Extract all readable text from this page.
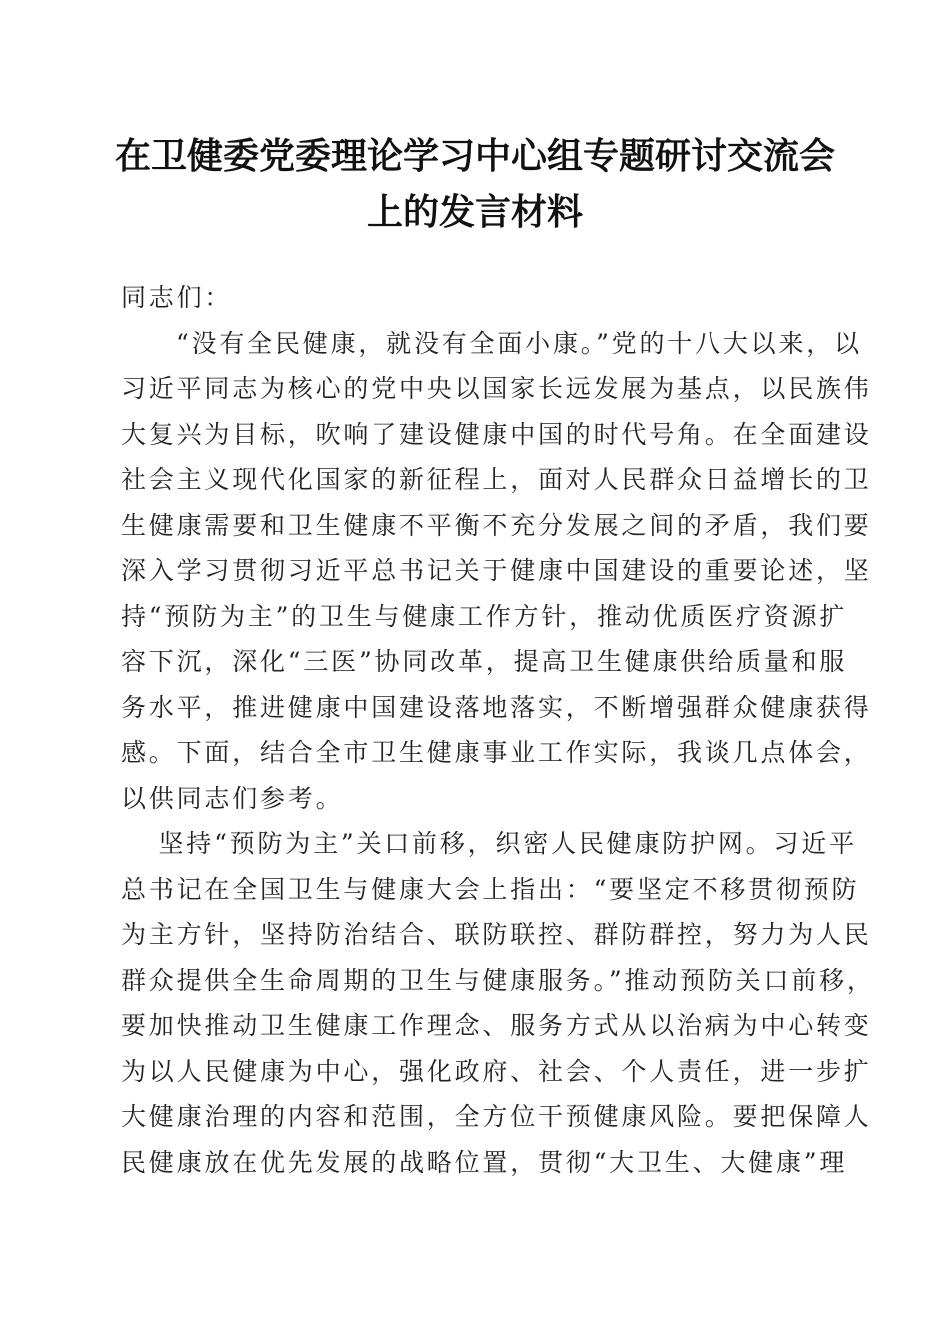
在卫健委党委理论学习中心组专题研讨交流会
上的发言材料
同志们：
“没有全民健康，就没有全面小康。”党的十八大以来，以
习近平同志为核心的党中央以国家长远发展为基点，以民族伟
大复兴为目标，吹响了建设健康中国的时代号角。在全面建设
社会主义现代化国家的新征程上，面对人民群众日益增长的卫
生健康需要和卫生健康不平衡不充分发展之间的矛盾，我们要
深入学习贯彻习近平总书记关于健康中国建设的重要论述，坚
持“预防为主”的卫生与健康工作方针，推动优质医疗资源扩
容下沉，深化“三医”协同改革，提高卫生健康供给质量和服
务水平，推进健康中国建设落地落实，不断增强群众健康获得
感。下面，结合全市卫生健康事业工作实际，我谈几点体会，
以供同志们参考。
坚持“预防为主”关口前移，织密人民健康防护网。习近平
总书记在全国卫生与健康大会上指出：“要坚定不移贯彻预防
为主方针，坚持防治结合、联防联控、群防群控，努力为人民
群众提供全生命周期的卫生与健康服务。”推动预防关口前移，
要加快推动卫生健康工作理念、服务方式从以治病为中心转变
为以人民健康为中心，强化政府、社会、个人责任，进一步扩
大健康治理的内容和范围，全方位干预健康风险。要把保障人
民健康放在优先发展的战略位置，贯彻“大卫生、大健康”理
